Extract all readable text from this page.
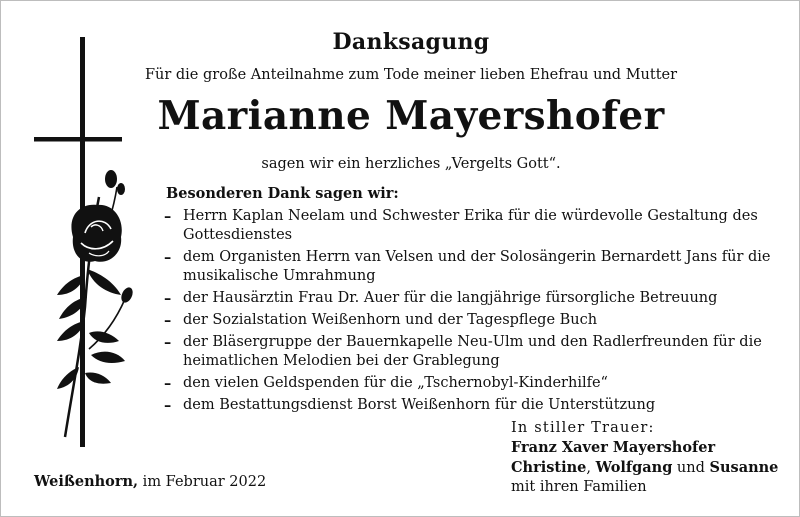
Danksagung
Für die große Anteilnahme zum Tode meiner lieben Ehefrau und Mutter
Marianne Mayershofer
sagen wir ein herzliches „Vergelts Gott“.
Besonderen Dank sagen wir:
– Herrn Kaplan Neelam und Schwester Erika für die würdevolle Gestaltung des Gottesdienstes
– dem Organisten Herrn van Velsen und der Solosängerin Bernardett Jans für die musikalische Umrahmung
– der Hausärztin Frau Dr. Auer für die langjährige fürsorgliche Betreuung
– der Sozialstation Weißenhorn und der Tagespflege Buch
– der Bläsergruppe der Bauernkapelle Neu-Ulm und den Radlerfreunden für die heimatlichen Melodien bei der Grablegung
– den vielen Geldspenden für die „Tschernobyl-Kinderhilfe“
– dem Bestattungsdienst Borst Weißenhorn für die Unterstützung
In stiller Trauer:
Franz Xaver Mayershofer
Christine, Wolfgang und Susanne
mit ihren Familien
Weißenhorn, im Februar 2022
